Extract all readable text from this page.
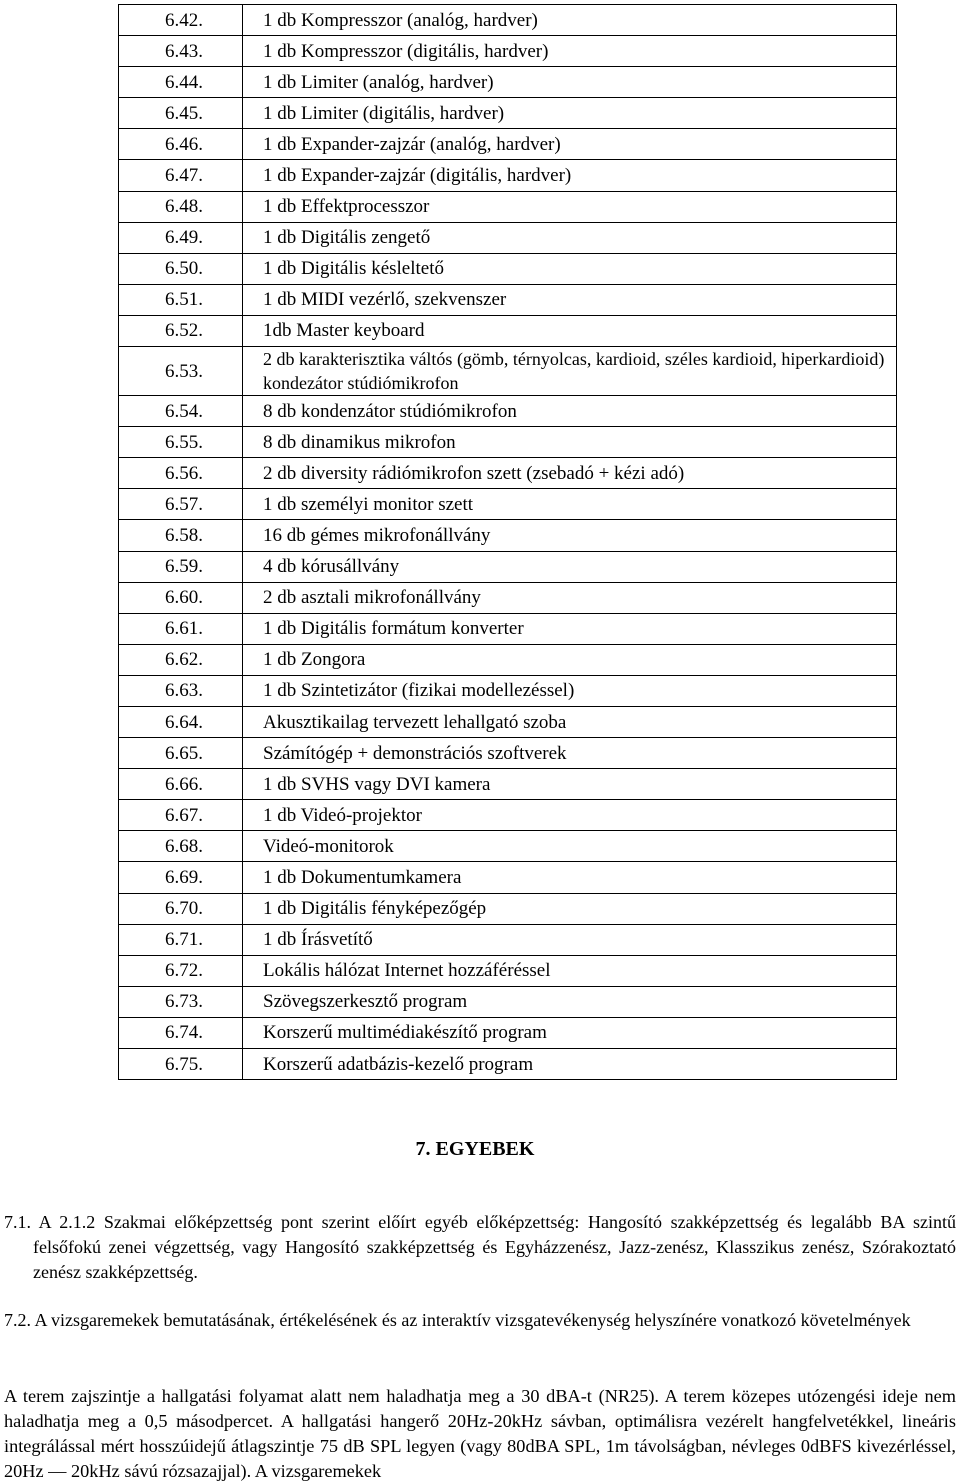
6.42.	1 db Kompresszor (analóg, hardver)
6.43.	1 db Kompresszor (digitális, hardver)
6.44.	1 db Limiter (analóg, hardver)
6.45.	1 db Limiter (digitális, hardver)
6.46.	1 db Expander-zajzár (analóg, hardver)
6.47.	1 db Expander-zajzár (digitális, hardver)
6.48.	1 db Effektprocesszor
6.49.	1 db Digitális zengető
6.50.	1 db Digitális késleltető
6.51.	1 db MIDI vezérlő, szekvenszer
6.52.	1db Master keyboard
6.53.	2 db karakterisztika váltós (gömb, térnyolcas, kardioid, széles kardioid, hiperkardioid) kondezátor stúdiómikrofon
6.54.	8 db kondenzátor stúdiómikrofon
6.55.	8 db dinamikus mikrofon
6.56.	2 db diversity rádiómikrofon szett (zsebadó + kézi adó)
6.57.	1 db személyi monitor szett
6.58.	16 db gémes mikrofonállvány
6.59.	4 db kórusállvány
6.60.	2 db asztali mikrofonállvány
6.61.	1 db Digitális formátum konverter
6.62.	1 db Zongora
6.63.	1 db Szintetizátor (fizikai modellezéssel)
6.64.	Akusztikailag tervezett lehallgató szoba
6.65.	Számítógép + demonstrációs szoftverek
6.66.	1 db SVHS vagy DVI kamera
6.67.	1 db Videó-projektor
6.68.	Videó-monitorok
6.69.	1 db Dokumentumkamera
6.70.	1 db Digitális fényképezőgép
6.71.	1 db Írásvetítő
6.72.	Lokális hálózat Internet hozzáféréssel
6.73.	Szövegszerkesztő program
6.74.	Korszerű multimédiakészítő program
6.75.	Korszerű adatbázis-kezelő program
7. EGYEBEK
7.1. A 2.1.2 Szakmai előképzettség pont szerint előírt egyéb előképzettség: Hangosító szakképzettség és legalább BA szintű felsőfokú zenei végzettség, vagy Hangosító szakképzettség és Egyházzenész, Jazz-zenész, Klasszikus zenész, Szórakoztató zenész szakképzettség.
7.2. A vizsgaremekek bemutatásának, értékelésének és az interaktív vizsgatevékenység helyszínére vonatkozó követelmények
A terem zajszintje a hallgatási folyamat alatt nem haladhatja meg a 30 dBA-t (NR25). A terem közepes utózengési ideje nem haladhatja meg a 0,5 másodpercet. A hallgatási hangerő 20Hz-20kHz sávban, optimálisra vezérelt hangfelvetékkel, lineáris integrálással mért hosszúidejű átlagszintje 75 dB SPL legyen (vagy 80dBA SPL, 1m távolságban, névleges 0dBFS kivezérléssel, 20Hz — 20kHz sávú rózsazajjal). A vizsgaremekek
